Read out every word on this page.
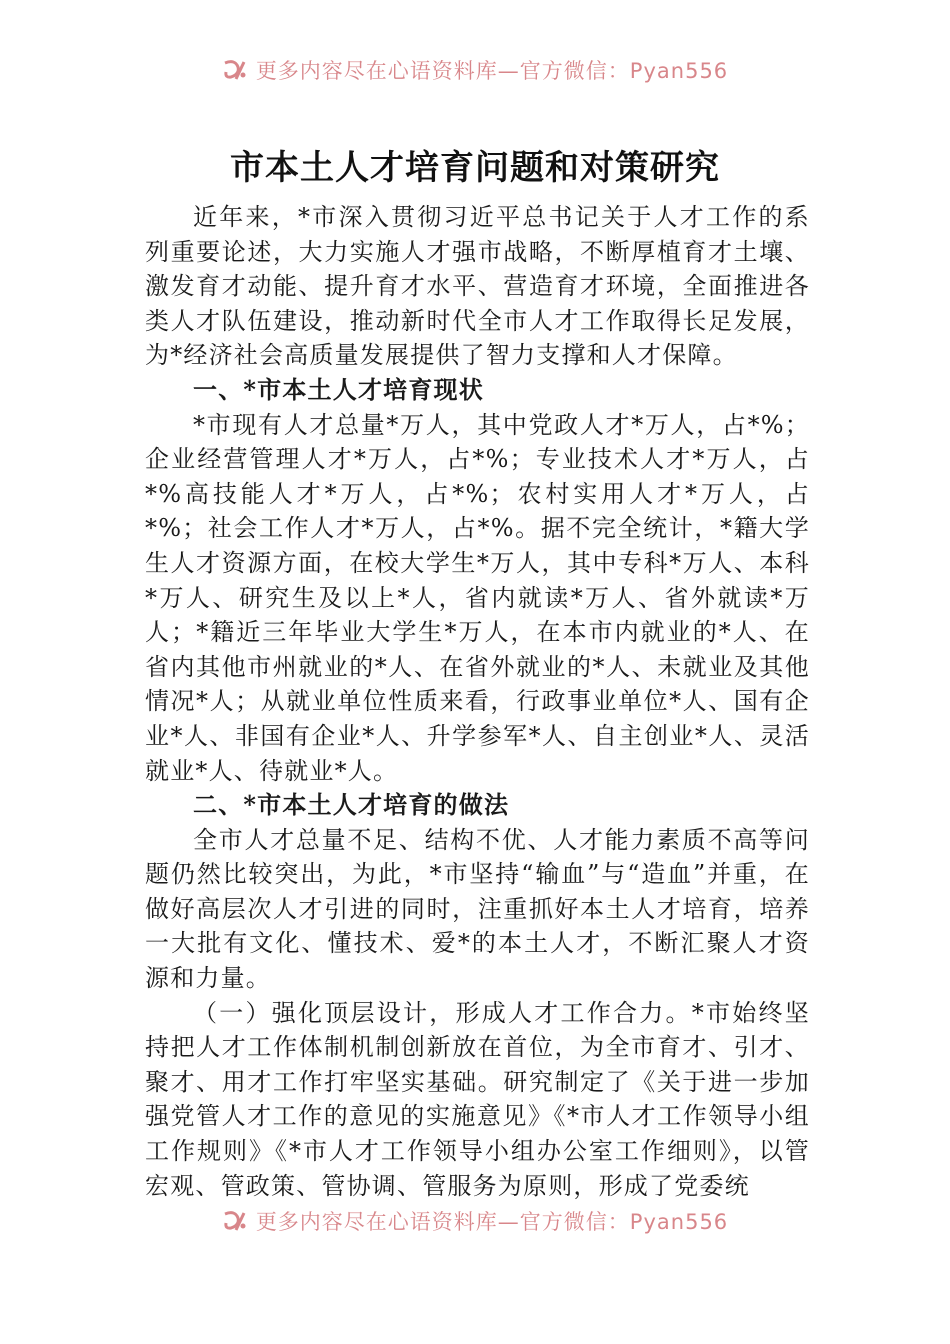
更多内容尽在心语资料库—官方微信：Pyan556
市本土人才培育问题和对策研究

近年来，*市深入贯彻习近平总书记关于人才工作的系列重要论述，大力实施人才强市战略，不断厚植育才土壤、激发育才动能、提升育才水平、营造育才环境，全面推进各类人才队伍建设，推动新时代全市人才工作取得长足发展，为*经济社会高质量发展提供了智力支撑和人才保障。

一、*市本土人才培育现状

*市现有人才总量*万人，其中党政人才*万人，占*%；企业经营管理人才*万人，占*%；专业技术人才*万人，占*%高技能人才*万人，占*%；农村实用人才*万人，占*%；社会工作人才*万人，占*%。据不完全统计，*籍大学生人才资源方面，在校大学生*万人，其中专科*万人、本科*万人、研究生及以上*人，省内就读*万人、省外就读*万人；*籍近三年毕业大学生*万人，在本市内就业的*人、在省内其他市州就业的*人、在省外就业的*人、未就业及其他情况*人；从就业单位性质来看，行政事业单位*人、国有企业*人、非国有企业*人、升学参军*人、自主创业*人、灵活就业*人、待就业*人。

二、*市本土人才培育的做法

全市人才总量不足、结构不优、人才能力素质不高等问题仍然比较突出，为此，*市坚持“输血”与“造血”并重，在做好高层次人才引进的同时，注重抓好本土人才培育，培养一大批有文化、懂技术、爱*的本土人才，不断汇聚人才资源和力量。

（一）强化顶层设计，形成人才工作合力。*市始终坚持把人才工作体制机制创新放在首位，为全市育才、引才、聚才、用才工作打牢坚实基础。研究制定了《关于进一步加强党管人才工作的意见的实施意见》《*市人才工作领导小组工作规则》《*市人才工作领导小组办公室工作细则》，以管宏观、管政策、管协调、管服务为原则，形成了党委统

更多内容尽在心语资料库—官方微信：Pyan556
